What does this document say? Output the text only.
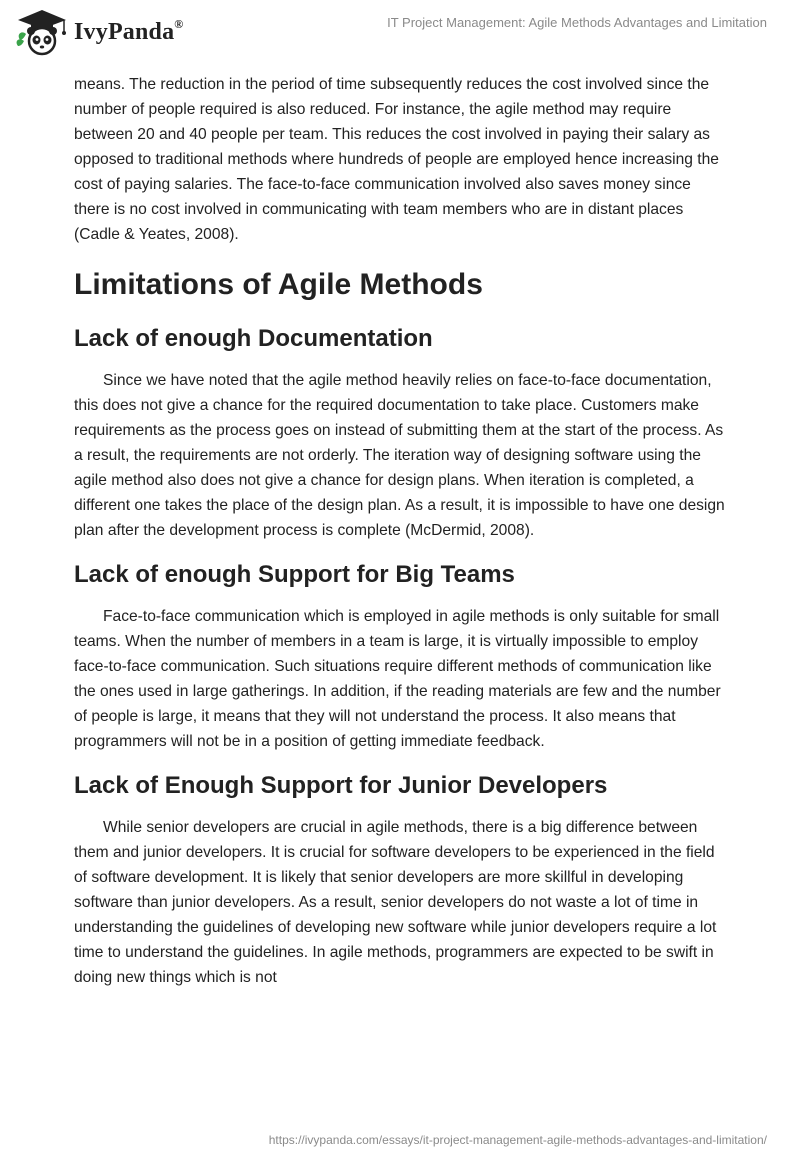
IvyPanda®	IT Project Management: Agile Methods Advantages and Limitation

means. The reduction in the period of time subsequently reduces the cost involved since the number of people required is also reduced. For instance, the agile method may require between 20 and 40 people per team. This reduces the cost involved in paying their salary as opposed to traditional methods where hundreds of people are employed hence increasing the cost of paying salaries. The face-to-face communication involved also saves money since there is no cost involved in communicating with team members who are in distant places (Cadle & Yeates, 2008).

Limitations of Agile Methods
Lack of enough Documentation

Since we have noted that the agile method heavily relies on face-to-face documentation, this does not give a chance for the required documentation to take place. Customers make requirements as the process goes on instead of submitting them at the start of the process. As a result, the requirements are not orderly. The iteration way of designing software using the agile method also does not give a chance for design plans. When iteration is completed, a different one takes the place of the design plan. As a result, it is impossible to have one design plan after the development process is complete (McDermid, 2008).

Lack of enough Support for Big Teams

Face-to-face communication which is employed in agile methods is only suitable for small teams. When the number of members in a team is large, it is virtually impossible to employ face-to-face communication. Such situations require different methods of communication like the ones used in large gatherings. In addition, if the reading materials are few and the number of people is large, it means that they will not understand the process. It also means that programmers will not be in a position of getting immediate feedback.

Lack of Enough Support for Junior Developers

While senior developers are crucial in agile methods, there is a big difference between them and junior developers. It is crucial for software developers to be experienced in the field of software development. It is likely that senior developers are more skillful in developing software than junior developers. As a result, senior developers do not waste a lot of time in understanding the guidelines of developing new software while junior developers require a lot time to understand the guidelines. In agile methods, programmers are expected to be swift in doing new things which is not

https://ivypanda.com/essays/it-project-management-agile-methods-advantages-and-limitation/
